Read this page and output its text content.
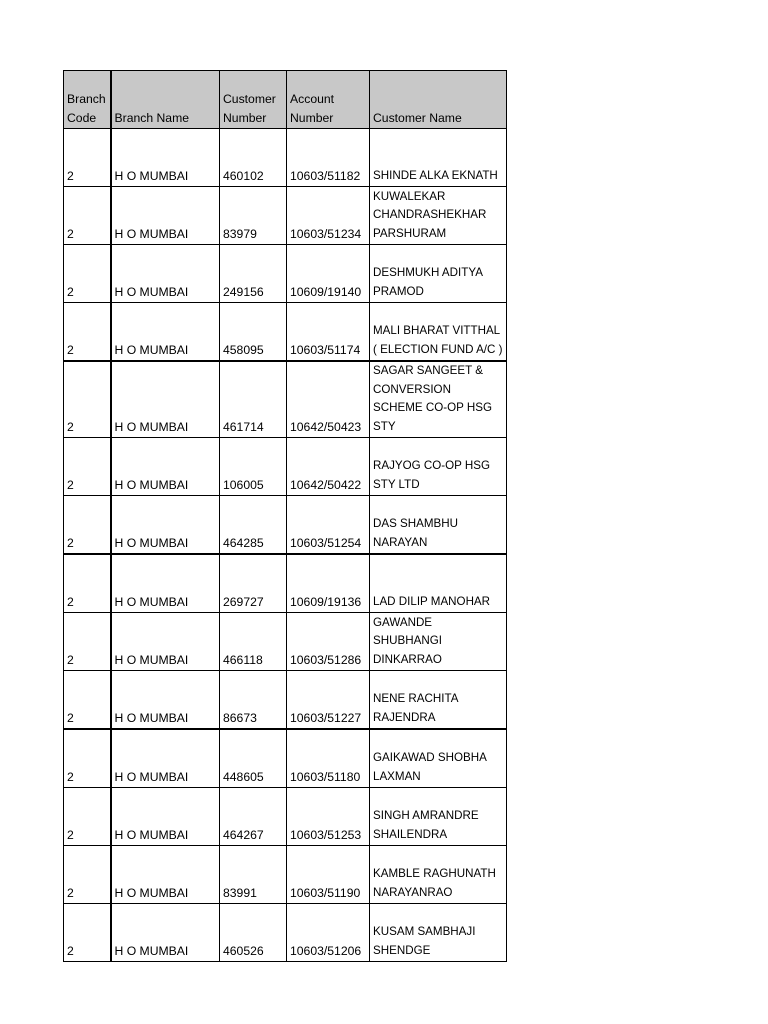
Branch Code	Branch Name	Customer Number	Account Number	Customer Name
2	H O MUMBAI	460102	10603/51182	SHINDE ALKA EKNATH
2	H O MUMBAI	83979	10603/51234	KUWALEKAR CHANDRASHEKHAR PARSHURAM
2	H O MUMBAI	249156	10609/19140	DESHMUKH ADITYA PRAMOD
2	H O MUMBAI	458095	10603/51174	MALI BHARAT VITTHAL ( ELECTION FUND A/C )
2	H O MUMBAI	461714	10642/50423	SAGAR SANGEET & CONVERSION SCHEME CO-OP HSG STY
2	H O MUMBAI	106005	10642/50422	RAJYOG CO-OP HSG STY LTD
2	H O MUMBAI	464285	10603/51254	DAS SHAMBHU NARAYAN
2	H O MUMBAI	269727	10609/19136	LAD DILIP MANOHAR
2	H O MUMBAI	466118	10603/51286	GAWANDE SHUBHANGI DINKARRAO
2	H O MUMBAI	86673	10603/51227	NENE RACHITA RAJENDRA
2	H O MUMBAI	448605	10603/51180	GAIKAWAD SHOBHA LAXMAN
2	H O MUMBAI	464267	10603/51253	SINGH AMRANDRE SHAILENDRA
2	H O MUMBAI	83991	10603/51190	KAMBLE RAGHUNATH NARAYANRAO
2	H O MUMBAI	460526	10603/51206	KUSAM SAMBHAJI SHENDGE
